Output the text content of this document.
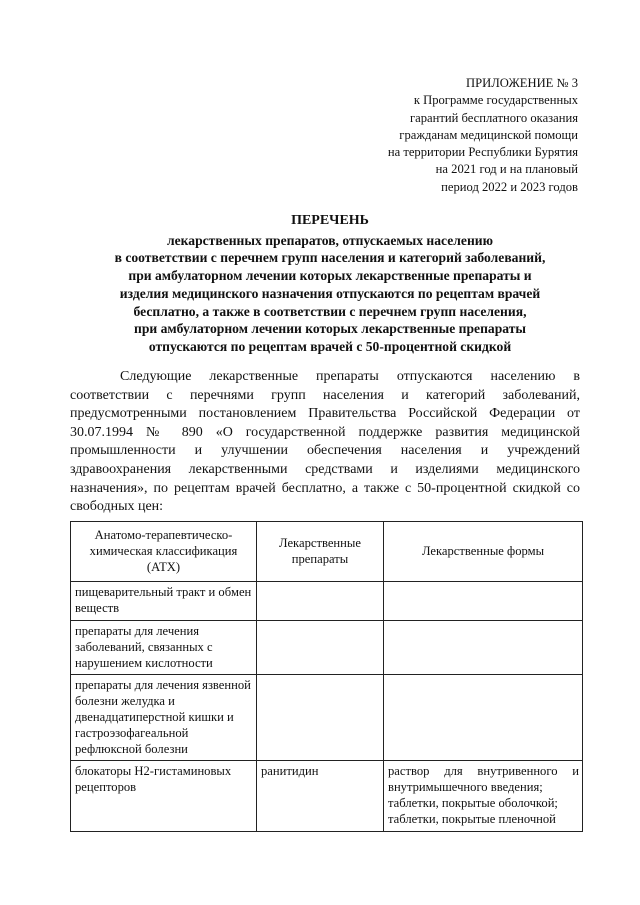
ПРИЛОЖЕНИЕ № 3
к Программе государственных
гарантий бесплатного оказания
гражданам медицинской помощи
на территории Республики Бурятия
на 2021 год и на плановый
период 2022 и 2023 годов
ПЕРЕЧЕНЬ
лекарственных препаратов, отпускаемых населению
в соответствии с перечнем групп населения и категорий заболеваний,
при амбулаторном лечении которых лекарственные препараты и
изделия медицинского назначения отпускаются по рецептам врачей
бесплатно, а также в соответствии с перечнем групп населения,
при амбулаторном лечении которых лекарственные препараты
отпускаются по рецептам врачей с 50-процентной скидкой

Следующие лекарственные препараты отпускаются населению в соответствии с перечнями групп населения и категорий заболеваний, предусмотренными постановлением Правительства Российской Федерации от 30.07.1994 № 890 «О государственной поддержке развития медицинской промышленности и улучшении обеспечения населения и учреждений здравоохранения лекарственными средствами и изделиями медицинского назначения», по рецептам врачей бесплатно, а также с 50-процентной скидкой со свободных цен:

Анатомо-терапевтическо-химическая классификация (АТХ)	Лекарственные препараты	Лекарственные формы
пищеварительный тракт и обмен веществ		
препараты для лечения заболеваний, связанных с нарушением кислотности		
препараты для лечения язвенной болезни желудка и двенадцатиперстной кишки и гастроэзофагеальной рефлюксной болезни		
блокаторы H2-гистаминовых рецепторов	ранитидин	раствор для внутривенного и внутримышечного введения;
таблетки, покрытые оболочкой;
таблетки, покрытые пленочной
